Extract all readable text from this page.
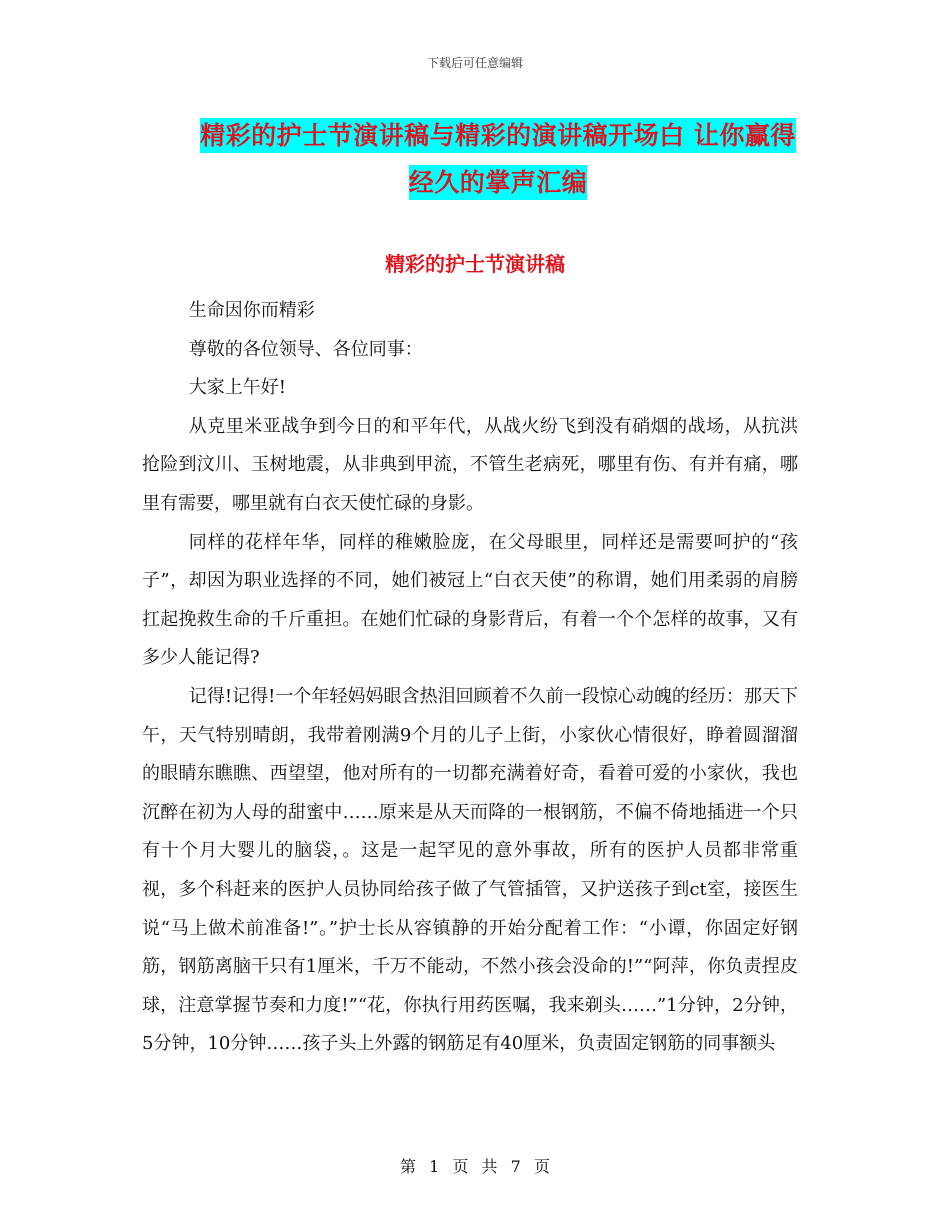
下载后可任意编辑
精彩的护士节演讲稿与精彩的演讲稿开场白 让你赢得
经久的掌声汇编
精彩的护士节演讲稿

生命因你而精彩

尊敬的各位领导、各位同事：

大家上午好!

从克里米亚战争到今日的和平年代，从战火纷飞到没有硝烟的战场，从抗洪抢险到汶川、玉树地震，从非典到甲流，不管生老病死，哪里有伤、有并有痛，哪里有需要，哪里就有白衣天使忙碌的身影。

同样的花样年华，同样的稚嫩脸庞，在父母眼里，同样还是需要呵护的“孩子”，却因为职业选择的不同，她们被冠上“白衣天使”的称谓，她们用柔弱的肩膀扛起挽救生命的千斤重担。在她们忙碌的身影背后，有着一个个怎样的故事，又有多少人能记得?

记得!记得!一个年轻妈妈眼含热泪回顾着不久前一段惊心动魄的经历：那天下午，天气特别晴朗，我带着刚满9个月的儿子上街，小家伙心情很好，睁着圆溜溜的眼睛东瞧瞧、西望望，他对所有的一切都充满着好奇，看着可爱的小家伙，我也沉醉在初为人母的甜蜜中……原来是从天而降的一根钢筋，不偏不倚地插进一个只有十个月大婴儿的脑袋，。这是一起罕见的意外事故，所有的医护人员都非常重视，多个科赶来的医护人员协同给孩子做了气管插管，又护送孩子到ct室，接医生说“马上做术前准备!”。”护士长从容镇静的开始分配着工作：“小谭，你固定好钢筋，钢筋离脑干只有1厘米，千万不能动，不然小孩会没命的!”“阿萍，你负责捏皮球，注意掌握节奏和力度!”“花，你执行用药医嘱，我来剃头……”1分钟，2分钟，5分钟，10分钟……孩子头上外露的钢筋足有40厘米，负责固定钢筋的同事额头

第 1 页 共 7 页
